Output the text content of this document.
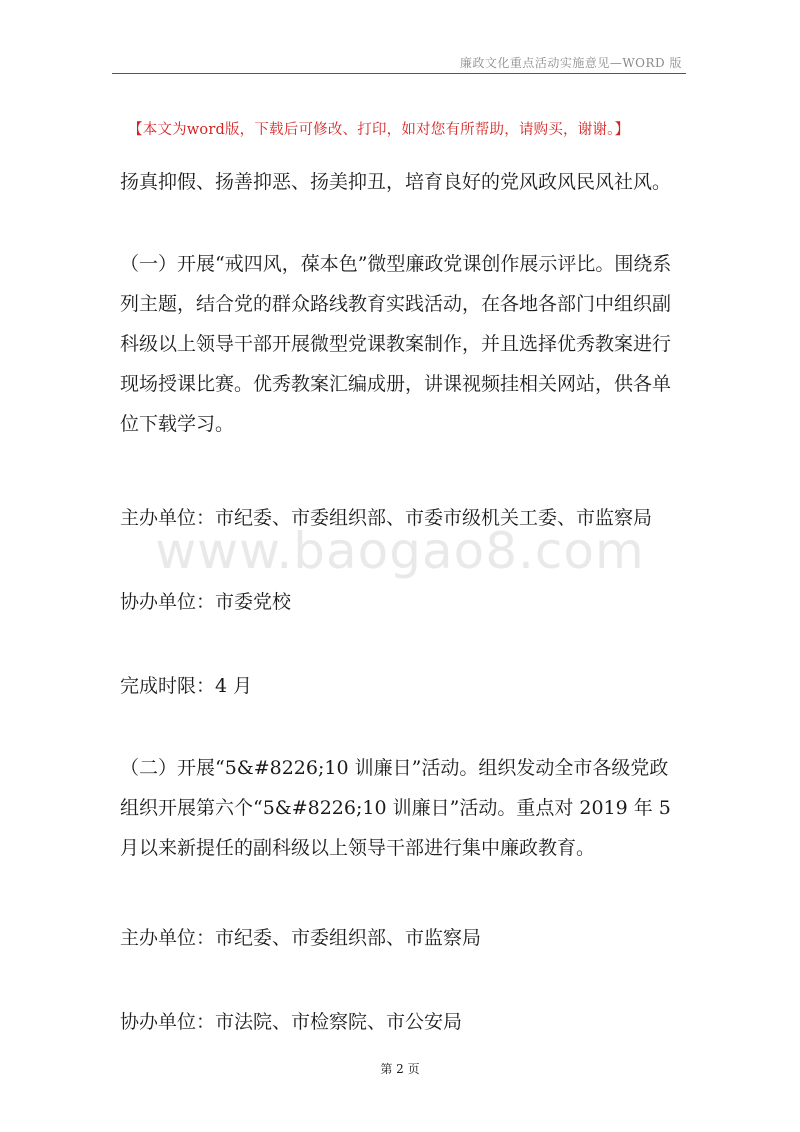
廉政文化重点活动实施意见—WORD 版
【本文为word版，下载后可修改、打印，如对您有所帮助，请购买，谢谢。】

扬真抑假、扬善抑恶、扬美抑丑，培育良好的党风政风民风社风。

（一）开展“戒四风，葆本色”微型廉政党课创作展示评比。围绕系列主题，结合党的群众路线教育实践活动，在各地各部门中组织副科级以上领导干部开展微型党课教案制作，并且选择优秀教案进行现场授课比赛。优秀教案汇编成册，讲课视频挂相关网站，供各单位下载学习。

主办单位：市纪委、市委组织部、市委市级机关工委、市监察局

www.baogao8.com

协办单位：市委党校

完成时限：4 月

（二）开展“5&#8226;10 训廉日”活动。组织发动全市各级党政组织开展第六个“5&#8226;10 训廉日”活动。重点对 2019 年 5 月以来新提任的副科级以上领导干部进行集中廉政教育。

主办单位：市纪委、市委组织部、市监察局

协办单位：市法院、市检察院、市公安局

第 2 页
